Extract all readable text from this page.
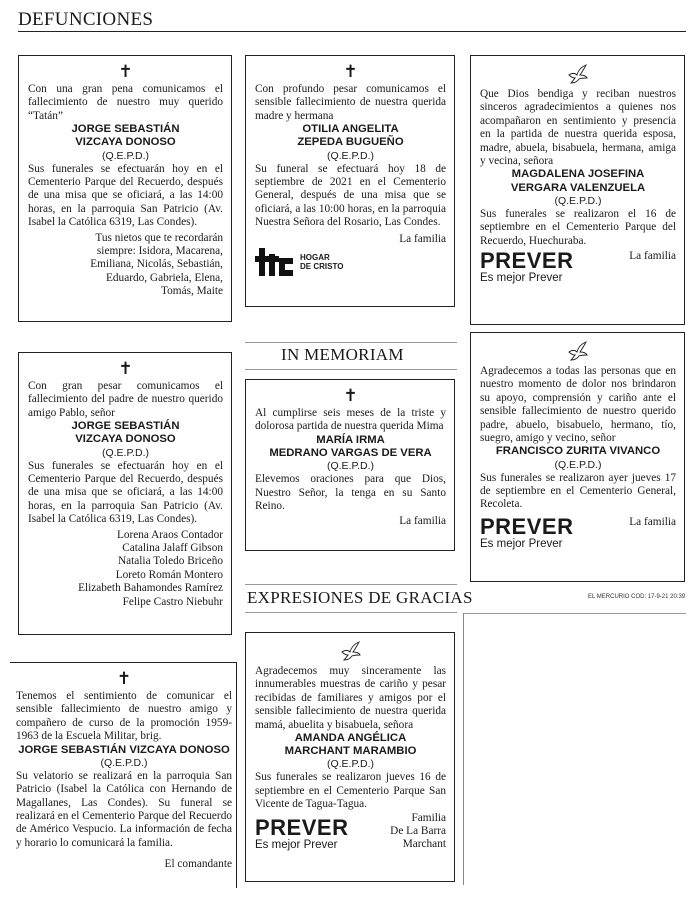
DEFUNCIONES
✝
Con una gran pena comunicamos el fallecimiento de nuestro muy querido “Tatán”
JORGE SEBASTIÁN
VIZCAYA DONOSO
(Q.E.P.D.)
Sus funerales se efectuarán hoy en el Cementerio Parque del Recuerdo, después de una misa que se oficiará, a las 14:00 horas, en la parroquia San Patricio (Av. Isabel la Católica 6319, Las Condes).
Tus nietos que te recordarán
siempre: Isidora, Macarena,
Emiliana, Nicolás, Sebastián,
Eduardo, Gabriela, Elena,
Tomás, Maite
✝
Con profundo pesar comunicamos el sensible fallecimiento de nuestra querida madre y hermana
OTILIA ANGELITA
ZEPEDA BUGUEÑO
(Q.E.P.D.)
Su funeral se efectuará hoy 18 de septiembre de 2021 en el Cementerio General, después de una misa que se oficiará, a las 10:00 horas, en la parroquia Nuestra Señora del Rosario, Las Condes.
La familia
HOGAR
DE CRISTO
Que Dios bendiga y reciban nuestros sinceros agradecimientos a quienes nos acompañaron en sentimiento y presencia en la partida de nuestra querida esposa, madre, abuela, bisabuela, hermana, amiga y vecina, señora
MAGDALENA JOSEFINA
VERGARA VALENZUELA
(Q.E.P.D.)
Sus funerales se realizaron el 16 de septiembre en el Cementerio Parque del Recuerdo, Huechuraba.
PREVER
Es mejor Prever
La familia
IN MEMORIAM
✝
Con gran pesar comunicamos el fallecimiento del padre de nuestro querido amigo Pablo, señor
JORGE SEBASTIÁN
VIZCAYA DONOSO
(Q.E.P.D.)
Sus funerales se efectuarán hoy en el Cementerio Parque del Recuerdo, después de una misa que se oficiará, a las 14:00 horas, en la parroquia San Patricio (Av. Isabel la Católica 6319, Las Condes).
Lorena Araos Contador
Catalina Jalaff Gibson
Natalia Toledo Briceño
Loreto Román Montero
Elizabeth Bahamondes Ramírez
Felipe Castro Niebuhr
✝
Al cumplirse seis meses de la triste y dolorosa partida de nuestra querida Mima
MARÍA IRMA
MEDRANO VARGAS DE VERA
(Q.E.P.D.)
Elevemos oraciones para que Dios, Nuestro Señor, la tenga en su Santo Reino.
La familia
Agradecemos a todas las personas que en nuestro momento de dolor nos brindaron su apoyo, comprensión y cariño ante el sensible fallecimiento de nuestro querido padre, abuelo, bisabuelo, hermano, tío, suegro, amigo y vecino, señor
FRANCISCO ZURITA VIVANCO
(Q.E.P.D.)
Sus funerales se realizaron ayer jueves 17 de septiembre en el Cementerio General, Recoleta.
PREVER
Es mejor Prever
La familia
EL MERCURIO COD: 17-9-21 20:39
EXPRESIONES DE GRACIAS
✝
Tenemos el sentimiento de comunicar el sensible fallecimiento de nuestro amigo y compañero de curso de la promoción 1959-1963 de la Escuela Militar, brig.
JORGE SEBASTIÁN VIZCAYA DONOSO
(Q.E.P.D.)
Su velatorio se realizará en la parroquia San Patricio (Isabel la Católica con Hernando de Magallanes, Las Condes). Su funeral se realizará en el Cementerio Parque del Recuerdo de Américo Vespucio. La información de fecha y horario lo comunicará la familia.
El comandante
Agradecemos muy sinceramente las innumerables muestras de cariño y pesar recibidas de familiares y amigos por el sensible fallecimiento de nuestra querida mamá, abuelita y bisabuela, señora
AMANDA ANGÉLICA
MARCHANT MARAMBIO
(Q.E.P.D.)
Sus funerales se realizaron jueves 16 de septiembre en el Cementerio Parque San Vicente de Tagua-Tagua.
PREVER
Es mejor Prever
Familia
De La Barra
Marchant
